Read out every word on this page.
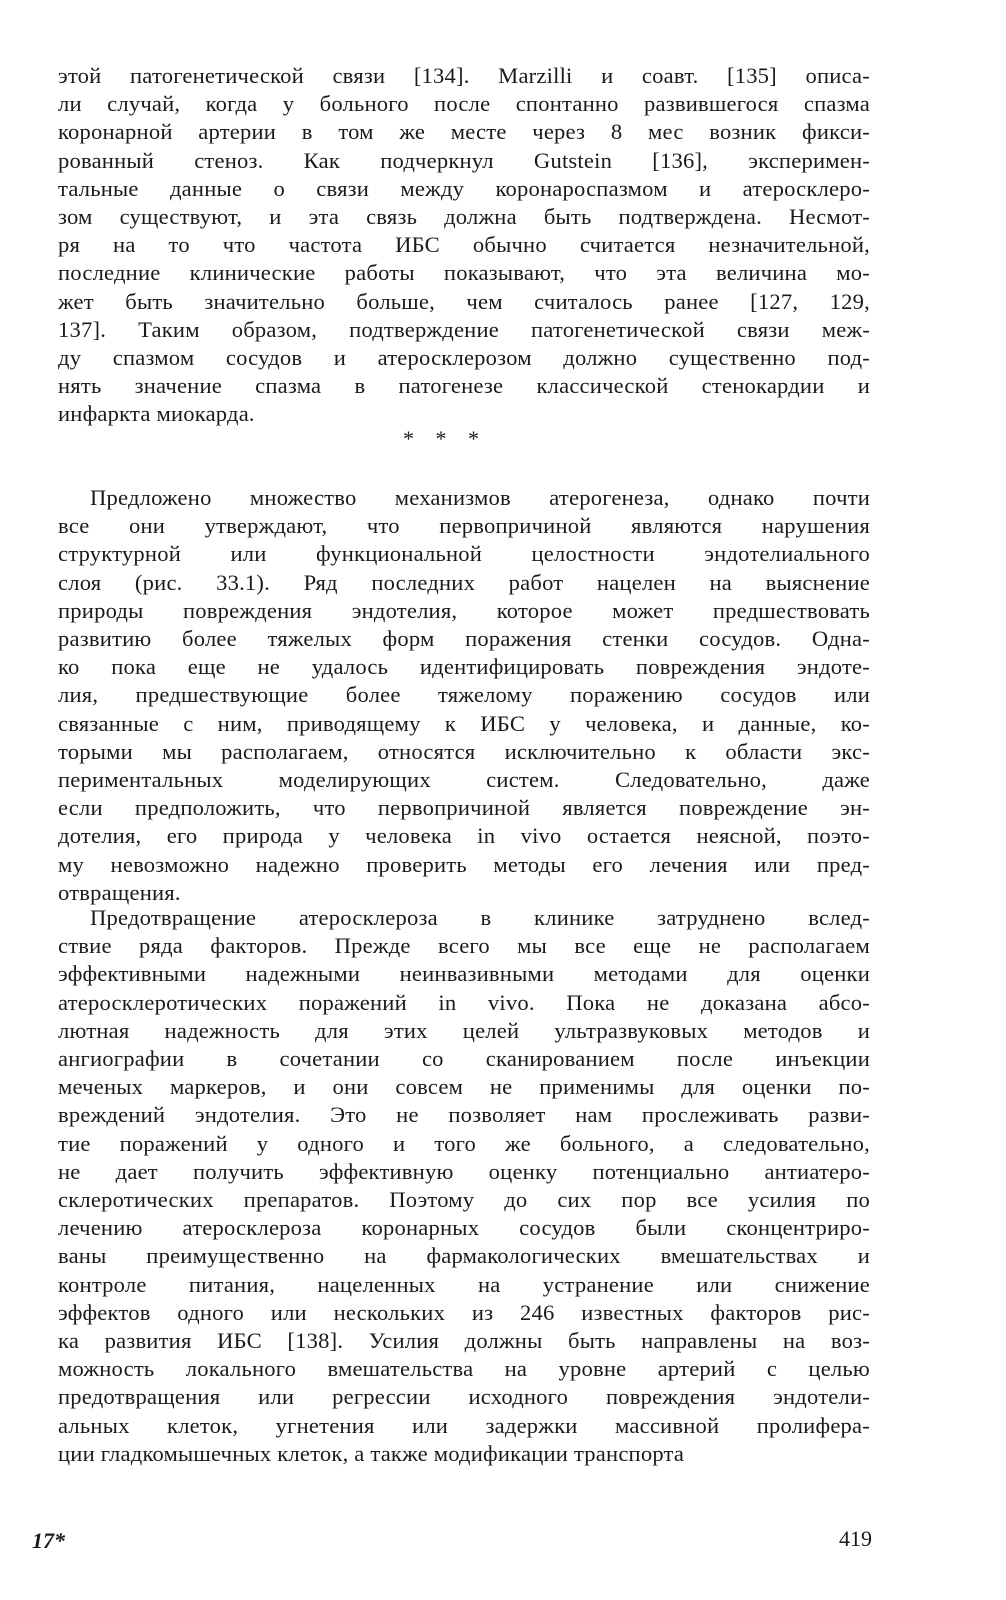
этой патогенетической связи [134]. Marzilli и соавт. [135] описа-
ли случай, когда у больного после спонтанно развившегося спазма
коронарной артерии в том же месте через 8 мес возник фикси-
рованный стеноз. Как подчеркнул Gutstein [136], эксперимен-
тальные данные о связи между коронароспазмом и атеросклеро-
зом существуют, и эта связь должна быть подтверждена. Несмот-
ря на то что частота ИБС обычно считается незначительной,
последние клинические работы показывают, что эта величина мо-
жет быть значительно больше, чем считалось ранее [127, 129,
137]. Таким образом, подтверждение патогенетической связи меж-
ду спазмом сосудов и атеросклерозом должно существенно под-
нять значение спазма в патогенезе классической стенокардии и
инфаркта миокарда.
* * *
Предложено множество механизмов атерогенеза, однако почти
все они утверждают, что первопричиной являются нарушения
структурной или функциональной целостности эндотелиального
слоя (рис. 33.1). Ряд последних работ нацелен на выяснение
природы повреждения эндотелия, которое может предшествовать
развитию более тяжелых форм поражения стенки сосудов. Одна-
ко пока еще не удалось идентифицировать повреждения эндоте-
лия, предшествующие более тяжелому поражению сосудов или
связанные с ним, приводящему к ИБС у человека, и данные, ко-
торыми мы располагаем, относятся исключительно к области экс-
периментальных моделирующих систем. Следовательно, даже
если предположить, что первопричиной является повреждение эн-
дотелия, его природа у человека in vivo остается неясной, поэто-
му невозможно надежно проверить методы его лечения или пред-
отвращения.
Предотвращение атеросклероза в клинике затруднено вслед-
ствие ряда факторов. Прежде всего мы все еще не располагаем
эффективными надежными неинвазивными методами для оценки
атеросклеротических поражений in vivo. Пока не доказана абсо-
лютная надежность для этих целей ультразвуковых методов и
ангиографии в сочетании со сканированием после инъекции
меченых маркеров, и они совсем не применимы для оценки по-
вреждений эндотелия. Это не позволяет нам прослеживать разви-
тие поражений у одного и того же больного, а следовательно,
не дает получить эффективную оценку потенциально антиатеро-
склеротических препаратов. Поэтому до сих пор все усилия по
лечению атеросклероза коронарных сосудов были сконцентриро-
ваны преимущественно на фармакологических вмешательствах и
контроле питания, нацеленных на устранение или снижение
эффектов одного или нескольких из 246 известных факторов рис-
ка развития ИБС [138]. Усилия должны быть направлены на воз-
можность локального вмешательства на уровне артерий с целью
предотвращения или регрессии исходного повреждения эндотели-
альных клеток, угнетения или задержки массивной пролифера-
ции гладкомышечных клеток, а также модификации транспорта
17*	419
